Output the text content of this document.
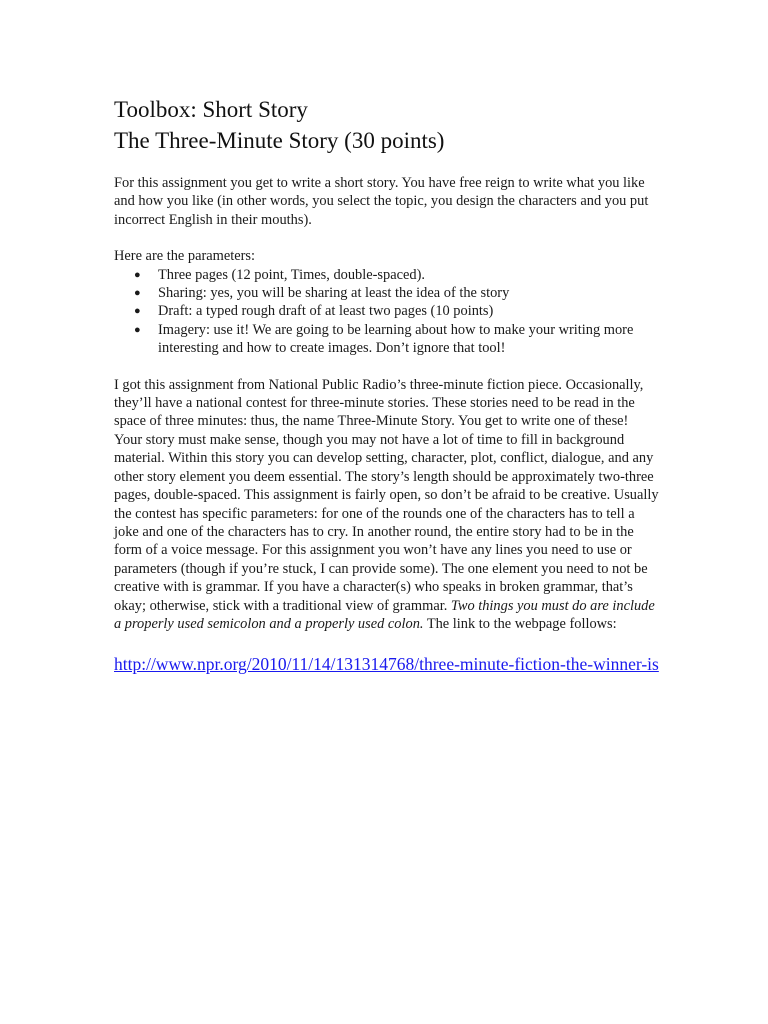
Toolbox: Short Story
The Three-Minute Story (30 points)

For this assignment you get to write a short story. You have free reign to write what you like and how you like (in other words, you select the topic, you design the characters and you put incorrect English in their mouths).

Here are the parameters:

● Three pages (12 point, Times, double-spaced).
● Sharing: yes, you will be sharing at least the idea of the story
● Draft: a typed rough draft of at least two pages (10 points)
● Imagery: use it! We are going to be learning about how to make your writing more interesting and how to create images. Don’t ignore that tool!

I got this assignment from National Public Radio’s three-minute fiction piece. Occasionally, they’ll have a national contest for three-minute stories. These stories need to be read in the space of three minutes: thus, the name Three-Minute Story. You get to write one of these! Your story must make sense, though you may not have a lot of time to fill in background material. Within this story you can develop setting, character, plot, conflict, dialogue, and any other story element you deem essential. The story’s length should be approximately two-three pages, double-spaced. This assignment is fairly open, so don’t be afraid to be creative. Usually the contest has specific parameters: for one of the rounds one of the characters has to tell a joke and one of the characters has to cry. In another round, the entire story had to be in the form of a voice message. For this assignment you won’t have any lines you need to use or parameters (though if you’re stuck, I can provide some). The one element you need to not be creative with is grammar. If you have a character(s) who speaks in broken grammar, that’s okay; otherwise, stick with a traditional view of grammar. Two things you must do are include a properly used semicolon and a properly used colon. The link to the webpage follows:

http://www.npr.org/2010/11/14/131314768/three-minute-fiction-the-winner-is
